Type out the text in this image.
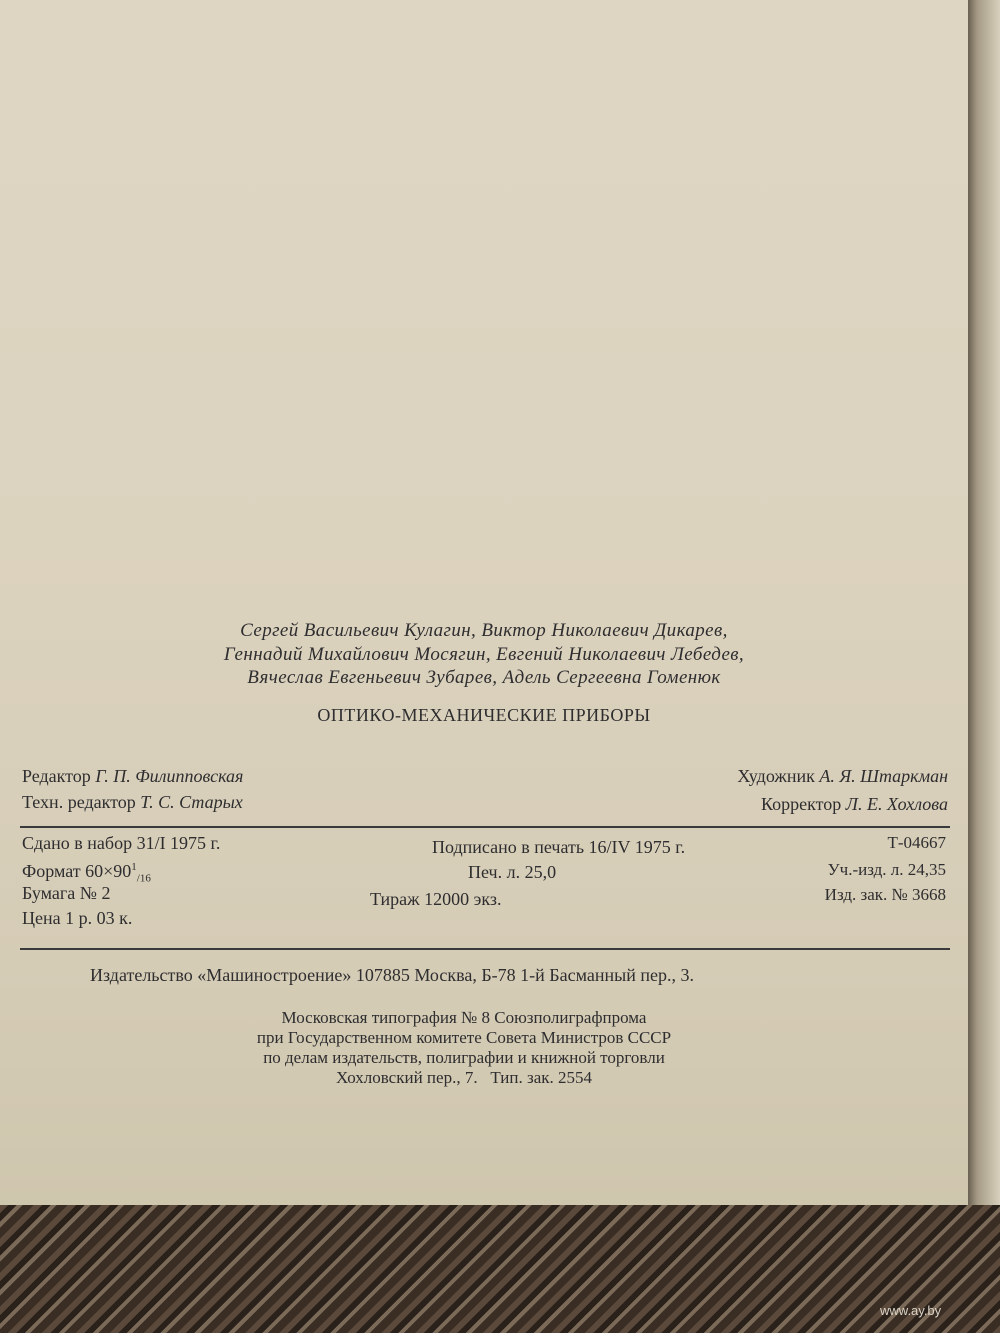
Сергей Васильевич Кулагин, Виктор Николаевич Дикарев,
Геннадий Михайлович Мосягин, Евгений Николаевич Лебедев,
Вячеслав Евгеньевич Зубарев, Адель Сергеевна Гоменюк
ОПТИКО-МЕХАНИЧЕСКИЕ ПРИБОРЫ
Редактор Г. П. Филипповская
Техн. редактор Т. С. Старых
Художник А. Я. Штаркман
Корректор Л. Е. Хохлова
Сдано в набор 31/I 1975 г.
Формат $60\times 90^1_{/16}$
Бумага № 2
Цена 1 р. 03 к.
Подписано в печать 16/IV 1975 г.
Печ. л. 25,0
Тираж 12000 экз.
Т-04667
Уч.-изд. л. 24,35
Изд. зак. № 3668
Издательство «Машиностроение» 107885 Москва, Б-78 1-й Басманный пер., 3.
Московская типография № 8 Союзполиграфпрома
при Государственном комитете Совета Министров СССР
по делам издательств, полиграфии и книжной торговли
Хохловский пер., 7.   Тип. зак. 2554
www.ay.by
